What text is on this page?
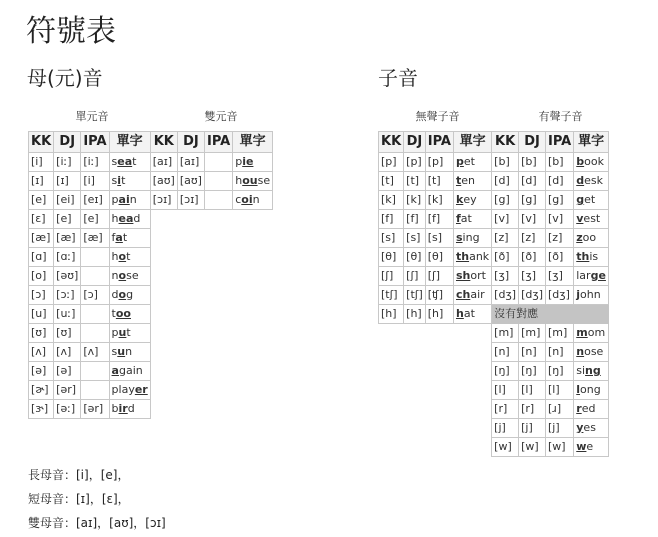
符號表
母(元)音	子音
單元音	雙元音	無聲子音	有聲子音
KK	DJ	IPA	單字	KK	DJ	IPA	單字
[i]	[iː]	[iː]	seat	[aɪ]	[aɪ]		pie
[ɪ]	[ɪ]	[i]	sit	[aʊ]	[aʊ]		house
[e]	[ei]	[eɪ]	pain	[ɔɪ]	[ɔɪ]		coin
[ɛ]	[e]	[e]	head				
[æ]	[æ]	[æ]	fat				
[ɑ]	[ɑː]		hot				
[o]	[əʊ]		nose				
[ɔ]	[ɔː]	[ɔ]	dog				
[u]	[uː]		too				
[ʊ]	[ʊ]		put				
[ʌ]	[ʌ]	[ʌ]	sun				
[ə]	[ə]		again				
[ɚ]	[ər]		player				
[ɝ]	[əː]	[ər]	bird				
KK	DJ	IPA	單字	KK	DJ	IPA	單字
[p]	[p]	[p]	pet	[b]	[b]	[b]	book
[t]	[t]	[t]	ten	[d]	[d]	[d]	desk
[k]	[k]	[k]	key	[g]	[g]	[g]	get
[f]	[f]	[f]	fat	[v]	[v]	[v]	vest
[s]	[s]	[s]	sing	[z]	[z]	[z]	zoo
[θ]	[θ]	[θ]	thank	[ð]	[ð]	[ð]	this
[ʃ]	[ʃ]	[ʃ]	short	[ʒ]	[ʒ]	[ʒ]	large
[tʃ]	[tʃ]	[ʧ]	chair	[dʒ]	[dʒ]	[dʒ]	john
[h]	[h]	[h]	hat	沒有對應			
				[m]	[m]	[m]	mom
				[n]	[n]	[n]	nose
				[ŋ]	[ŋ]	[ŋ]	sing
				[l]	[l]	[l]	long
				[r]	[r]	[ɹ]	red
				[j]	[j]	[j]	yes
				[w]	[w]	[w]	we
長母音：[i]，[e]，
短母音：[ɪ]，[ɛ]，
雙母音：[aɪ]，[aʊ]，[ɔɪ]
